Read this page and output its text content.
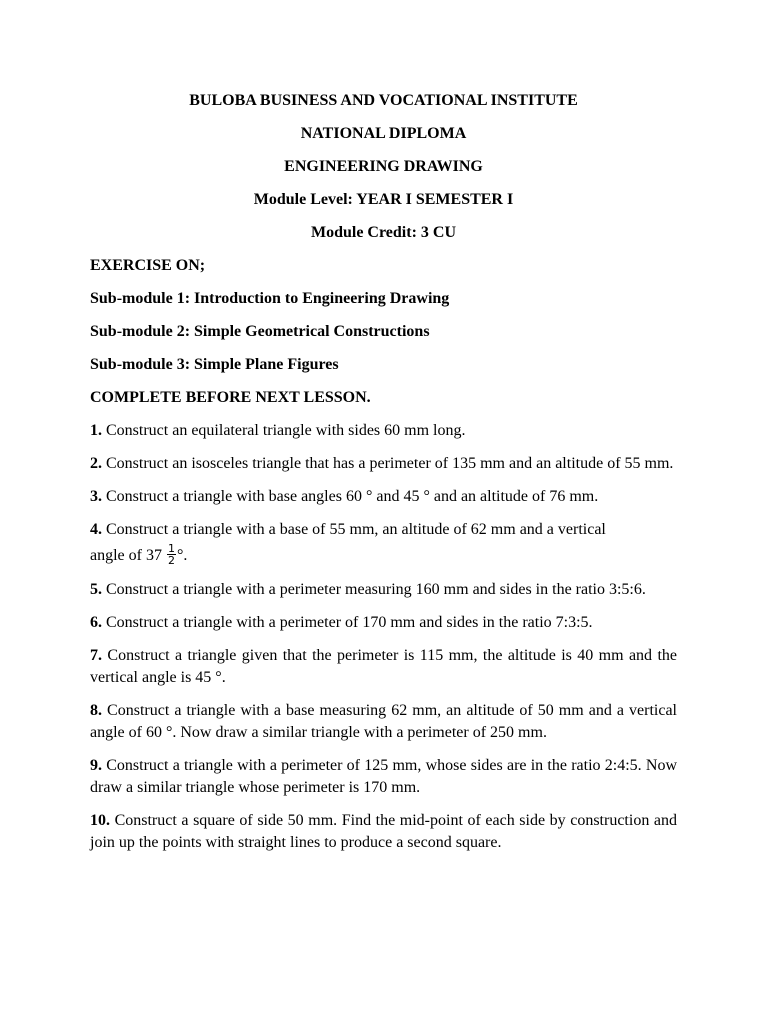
BULOBA BUSINESS AND VOCATIONAL INSTITUTE
NATIONAL DIPLOMA
ENGINEERING DRAWING
Module Level: YEAR I SEMESTER I
Module Credit: 3 CU
EXERCISE ON;
Sub-module 1: Introduction to Engineering Drawing
Sub-module 2: Simple Geometrical Constructions
Sub-module 3: Simple Plane Figures
COMPLETE BEFORE NEXT LESSON.
1. Construct an equilateral triangle with sides 60 mm long.
2. Construct an isosceles triangle that has a perimeter of 135 mm and an altitude of 55 mm.
3. Construct a triangle with base angles 60 ° and 45 ° and an altitude of 76 mm.
4. Construct a triangle with a base of 55 mm, an altitude of 62 mm and a vertical
angle of $37 \frac{1}{2}$ °.
5. Construct a triangle with a perimeter measuring 160 mm and sides in the ratio 3:5:6.
6. Construct a triangle with a perimeter of 170 mm and sides in the ratio 7:3:5.
7. Construct a triangle given that the perimeter is 115 mm, the altitude is 40 mm and the vertical angle is 45 °.
8. Construct a triangle with a base measuring 62 mm, an altitude of 50 mm and a vertical angle of 60 °. Now draw a similar triangle with a perimeter of 250 mm.
9. Construct a triangle with a perimeter of 125 mm, whose sides are in the ratio 2:4:5. Now draw a similar triangle whose perimeter is 170 mm.
10. Construct a square of side 50 mm. Find the mid-point of each side by construction and join up the points with straight lines to produce a second square.
